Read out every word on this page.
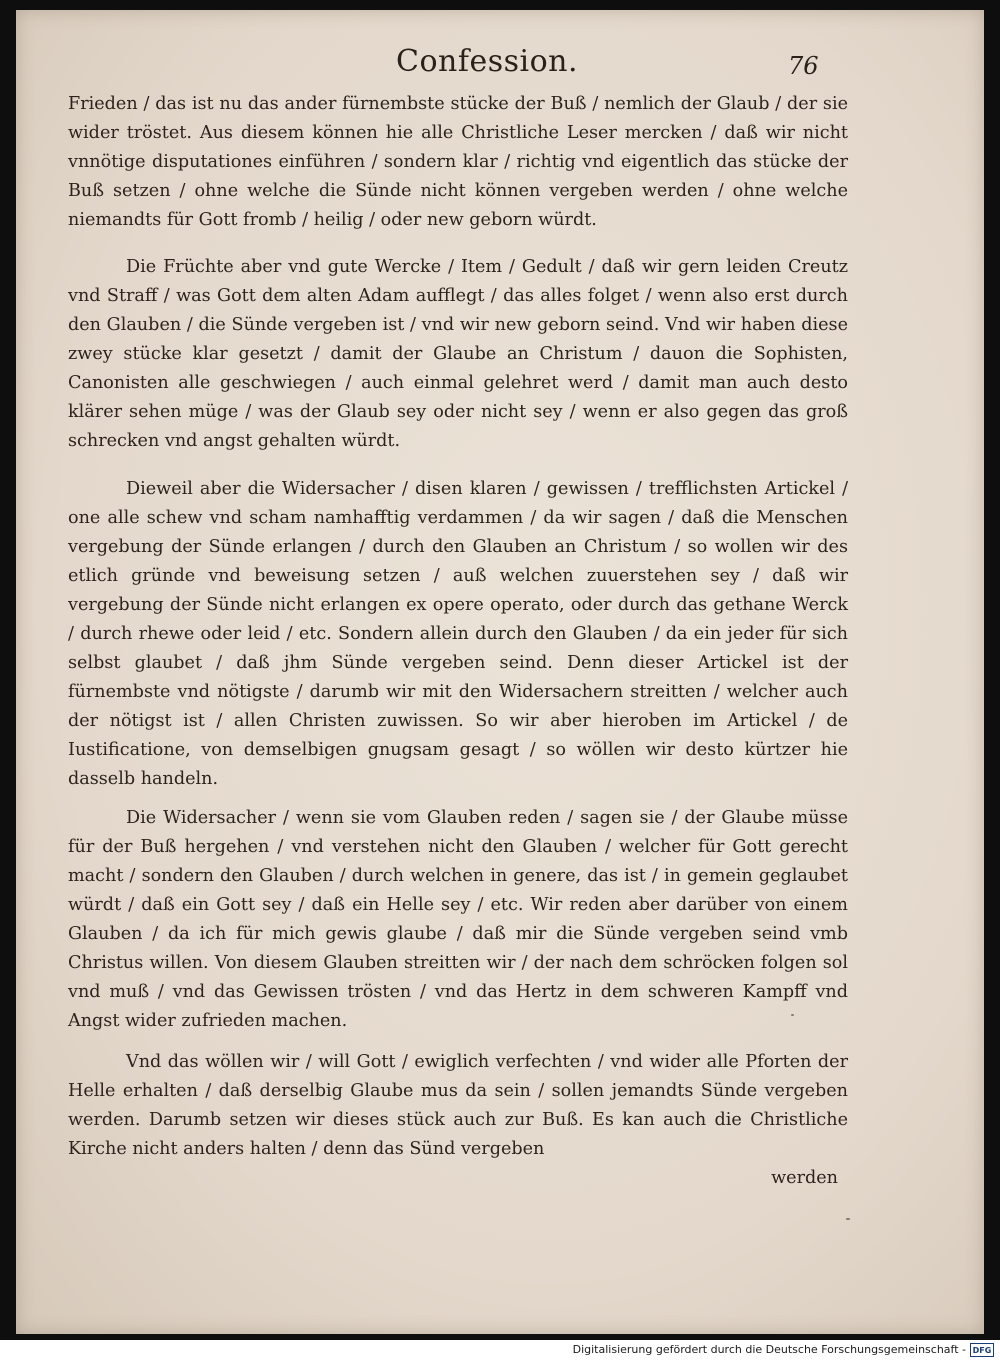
Confession.	76

Frieden / das ist nu das ander fürnembste stücke der Buß / nemlich der Glaub / der sie wider tröstet. Aus diesem können hie alle Christliche Leser mercken / daß wir nicht vnnötige disputationes einführen / sondern klar / richtig vnd eigentlich das stücke der Buß setzen / ohne welche die Sünde nicht können vergeben werden / ohne welche niemandts für Gott fromb / heilig / oder new geborn würdt.

Die Früchte aber vnd gute Wercke / Item / Gedult / daß wir gern leiden Creutz vnd Straff / was Gott dem alten Adam aufflegt / das alles folget / wenn also erst durch den Glauben / die Sünde vergeben ist / vnd wir new geborn seind. Vnd wir haben diese zwey stücke klar gesetzt / damit der Glaube an Christum / dauon die Sophisten, Canonisten alle geschwiegen / auch einmal gelehret werd / damit man auch desto klärer sehen müge / was der Glaub sey oder nicht sey / wenn er also gegen das groß schrecken vnd angst gehalten würdt.

Dieweil aber die Widersacher / disen klaren / gewissen / trefflichsten Artickel / one alle schew vnd scham namhafftig verdammen / da wir sagen / daß die Menschen vergebung der Sünde erlangen / durch den Glauben an Christum / so wollen wir des etlich gründe vnd beweisung setzen / auß welchen zuuerstehen sey / daß wir vergebung der Sünde nicht erlangen ex opere operato, oder durch das gethane Werck / durch rhewe oder leid / etc. Sondern allein durch den Glauben / da ein jeder für sich selbst glaubet / daß jhm Sünde vergeben seind. Denn dieser Artickel ist der fürnembste vnd nötigste / darumb wir mit den Widersachern streitten / welcher auch der nötigst ist / allen Christen zuwissen. So wir aber hieroben im Artickel / de Iustificatione, von demselbigen gnugsam gesagt / so wöllen wir desto kürtzer hie dasselb handeln.

Die Widersacher / wenn sie vom Glauben reden / sagen sie / der Glaube müsse für der Buß hergehen / vnd verstehen nicht den Glauben / welcher für Gott gerecht macht / sondern den Glauben / durch welchen in genere, das ist / in gemein geglaubet würdt / daß ein Gott sey / daß ein Helle sey / etc. Wir reden aber darüber von einem Glauben / da ich für mich gewis glaube / daß mir die Sünde vergeben seind vmb Christus willen. Von diesem Glauben streitten wir / der nach dem schröcken folgen sol vnd muß / vnd das Gewissen trösten / vnd das Hertz in dem schweren Kampff vnd Angst wider zufrieden machen.

Vnd das wöllen wir / will Gott / ewiglich verfechten / vnd wider alle Pforten der Helle erhalten / daß derselbig Glaube mus da sein / sollen jemandts Sünde vergeben werden. Darumb setzen wir dieses stück auch zur Buß. Es kan auch die Christliche Kirche nicht anders halten / denn das Sünd vergeben

werden
Digitalisierung gefördert durch die Deutsche Forschungsgemeinschaft - DFG
